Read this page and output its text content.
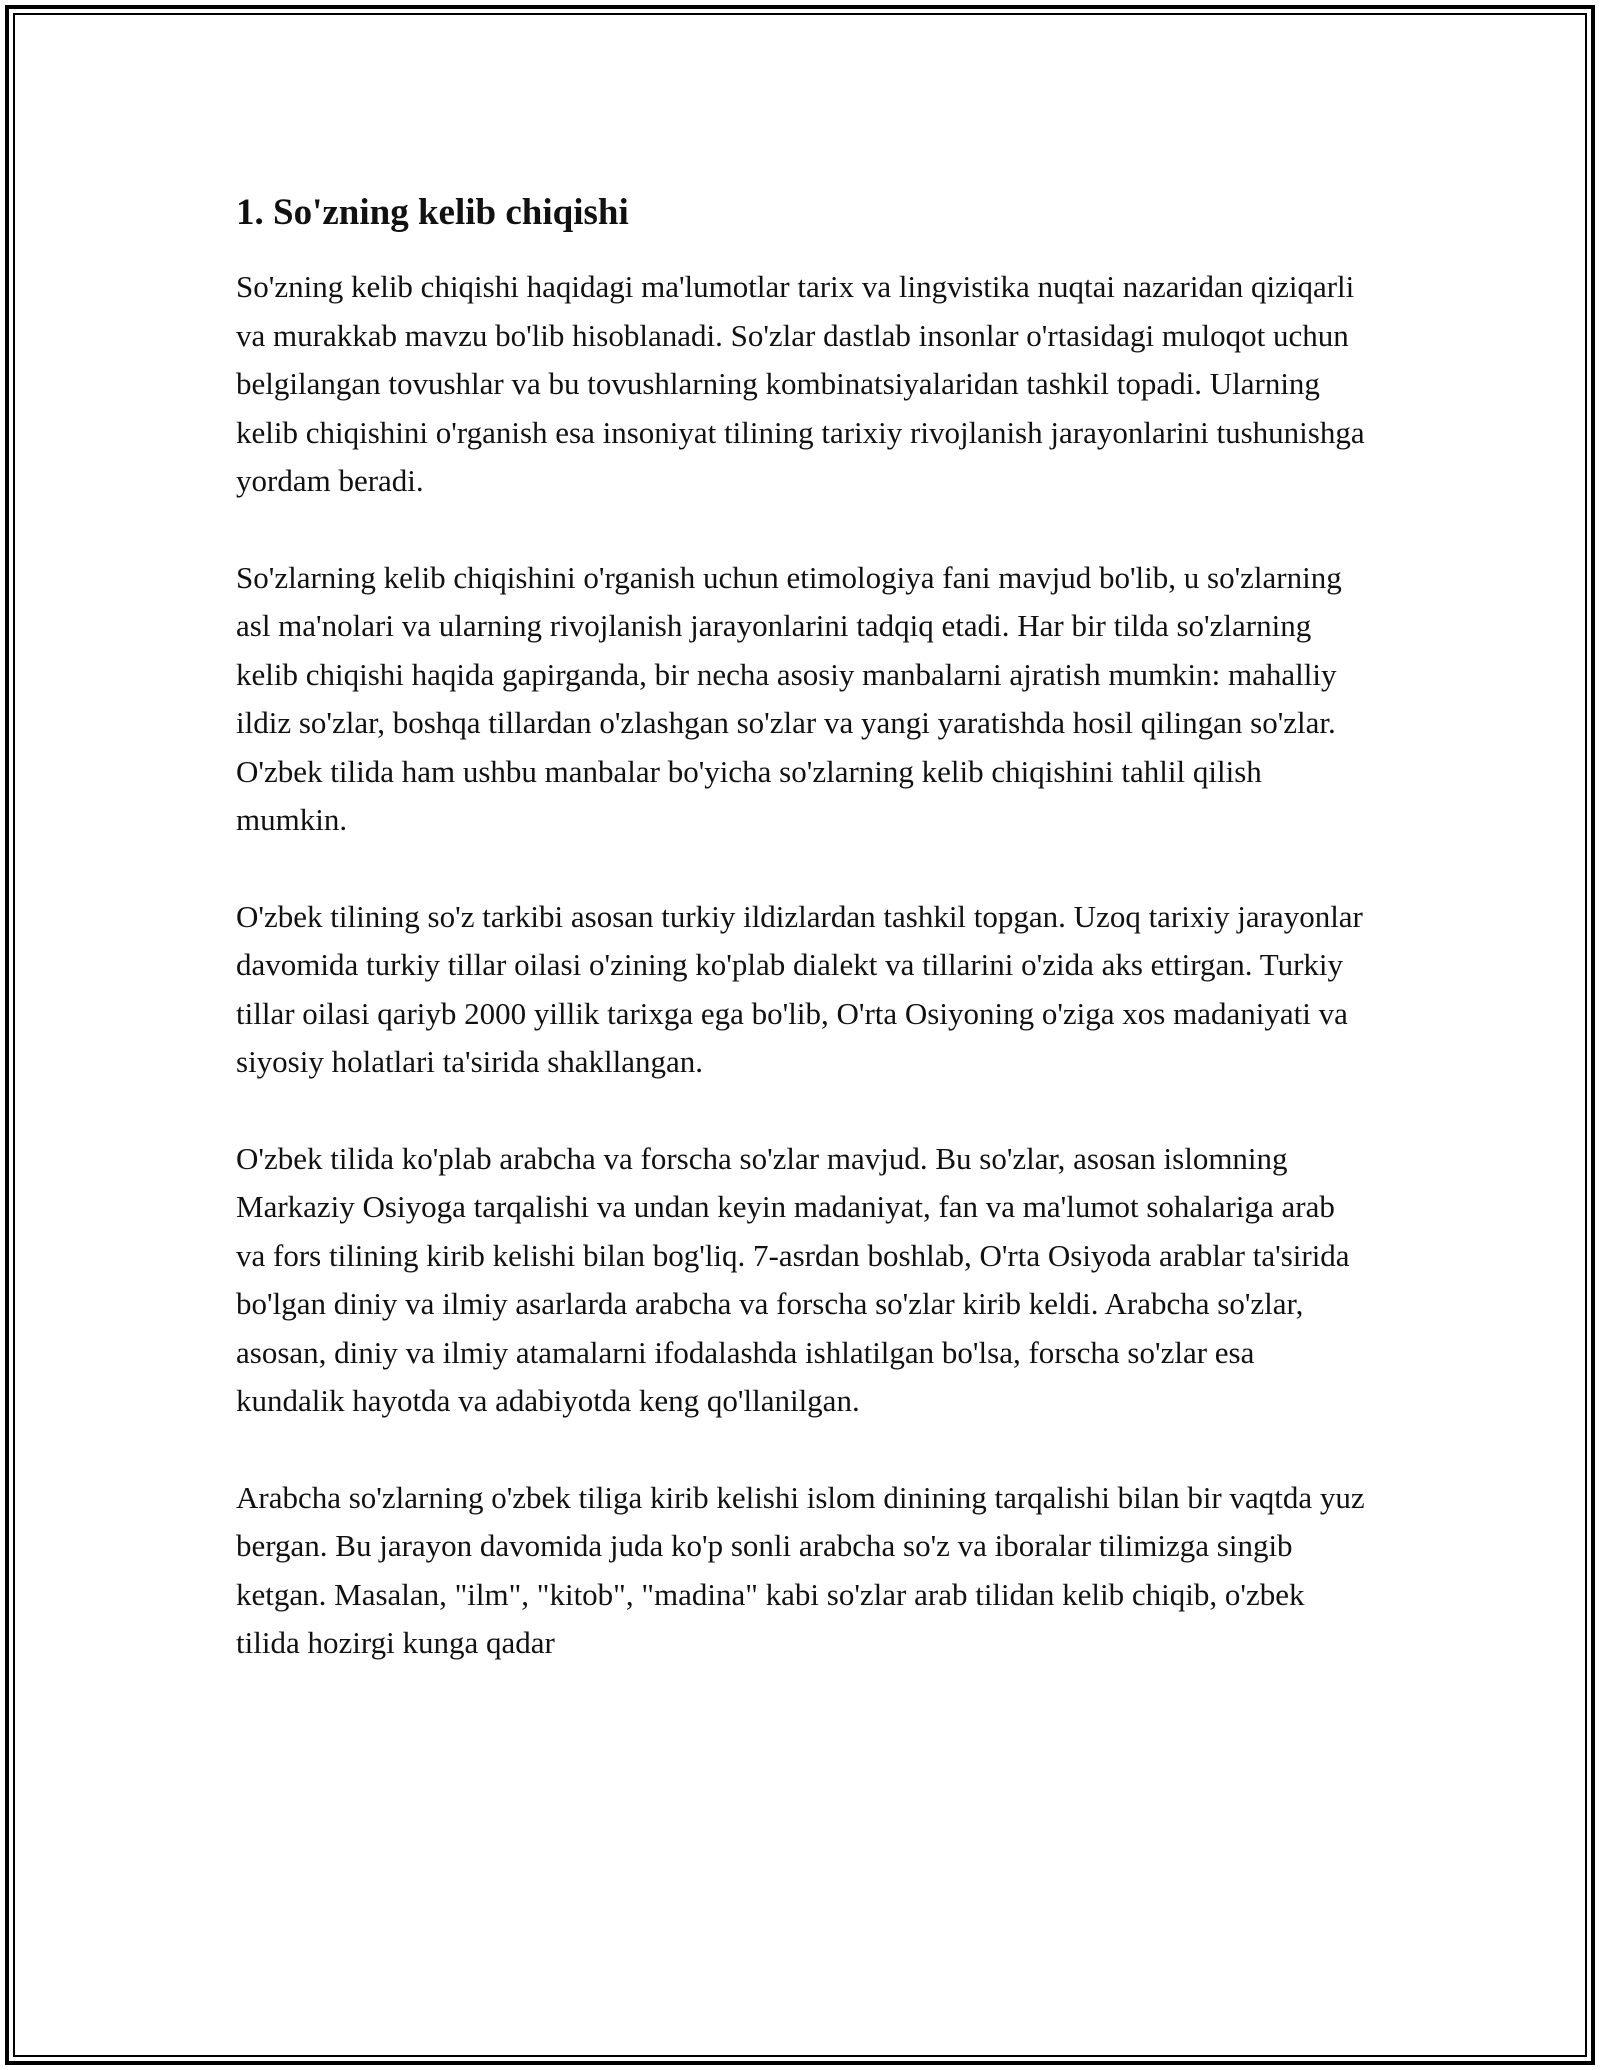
1. So'zning kelib chiqishi

So'zning kelib chiqishi haqidagi ma'lumotlar tarix va lingvistika nuqtai nazaridan qiziqarli va murakkab mavzu bo'lib hisoblanadi. So'zlar dastlab insonlar o'rtasidagi muloqot uchun belgilangan tovushlar va bu tovushlarning kombinatsiyalaridan tashkil topadi. Ularning kelib chiqishini o'rganish esa insoniyat tilining tarixiy rivojlanish jarayonlarini tushunishga yordam beradi.

So'zlarning kelib chiqishini o'rganish uchun etimologiya fani mavjud bo'lib, u so'zlarning asl ma'nolari va ularning rivojlanish jarayonlarini tadqiq etadi. Har bir tilda so'zlarning kelib chiqishi haqida gapirganda, bir necha asosiy manbalarni ajratish mumkin: mahalliy ildiz so'zlar, boshqa tillardan o'zlashgan so'zlar va yangi yaratishda hosil qilingan so'zlar. O'zbek tilida ham ushbu manbalar bo'yicha so'zlarning kelib chiqishini tahlil qilish mumkin.

O'zbek tilining so'z tarkibi asosan turkiy ildizlardan tashkil topgan. Uzoq tarixiy jarayonlar davomida turkiy tillar oilasi o'zining ko'plab dialekt va tillarini o'zida aks ettirgan. Turkiy tillar oilasi qariyb 2000 yillik tarixga ega bo'lib, O'rta Osiyoning o'ziga xos madaniyati va siyosiy holatlari ta'sirida shakllangan.

O'zbek tilida ko'plab arabcha va forscha so'zlar mavjud. Bu so'zlar, asosan islomning Markaziy Osiyoga tarqalishi va undan keyin madaniyat, fan va ma'lumot sohalariga arab va fors tilining kirib kelishi bilan bog'liq. 7-asrdan boshlab, O'rta Osiyoda arablar ta'sirida bo'lgan diniy va ilmiy asarlarda arabcha va forscha so'zlar kirib keldi. Arabcha so'zlar, asosan, diniy va ilmiy atamalarni ifodalashda ishlatilgan bo'lsa, forscha so'zlar esa kundalik hayotda va adabiyotda keng qo'llanilgan.

Arabcha so'zlarning o'zbek tiliga kirib kelishi islom dinining tarqalishi bilan bir vaqtda yuz bergan. Bu jarayon davomida juda ko'p sonli arabcha so'z va iboralar tilimizga singib ketgan. Masalan, "ilm", "kitob", "madina" kabi so'zlar arab tilidan kelib chiqib, o'zbek tilida hozirgi kunga qadar
